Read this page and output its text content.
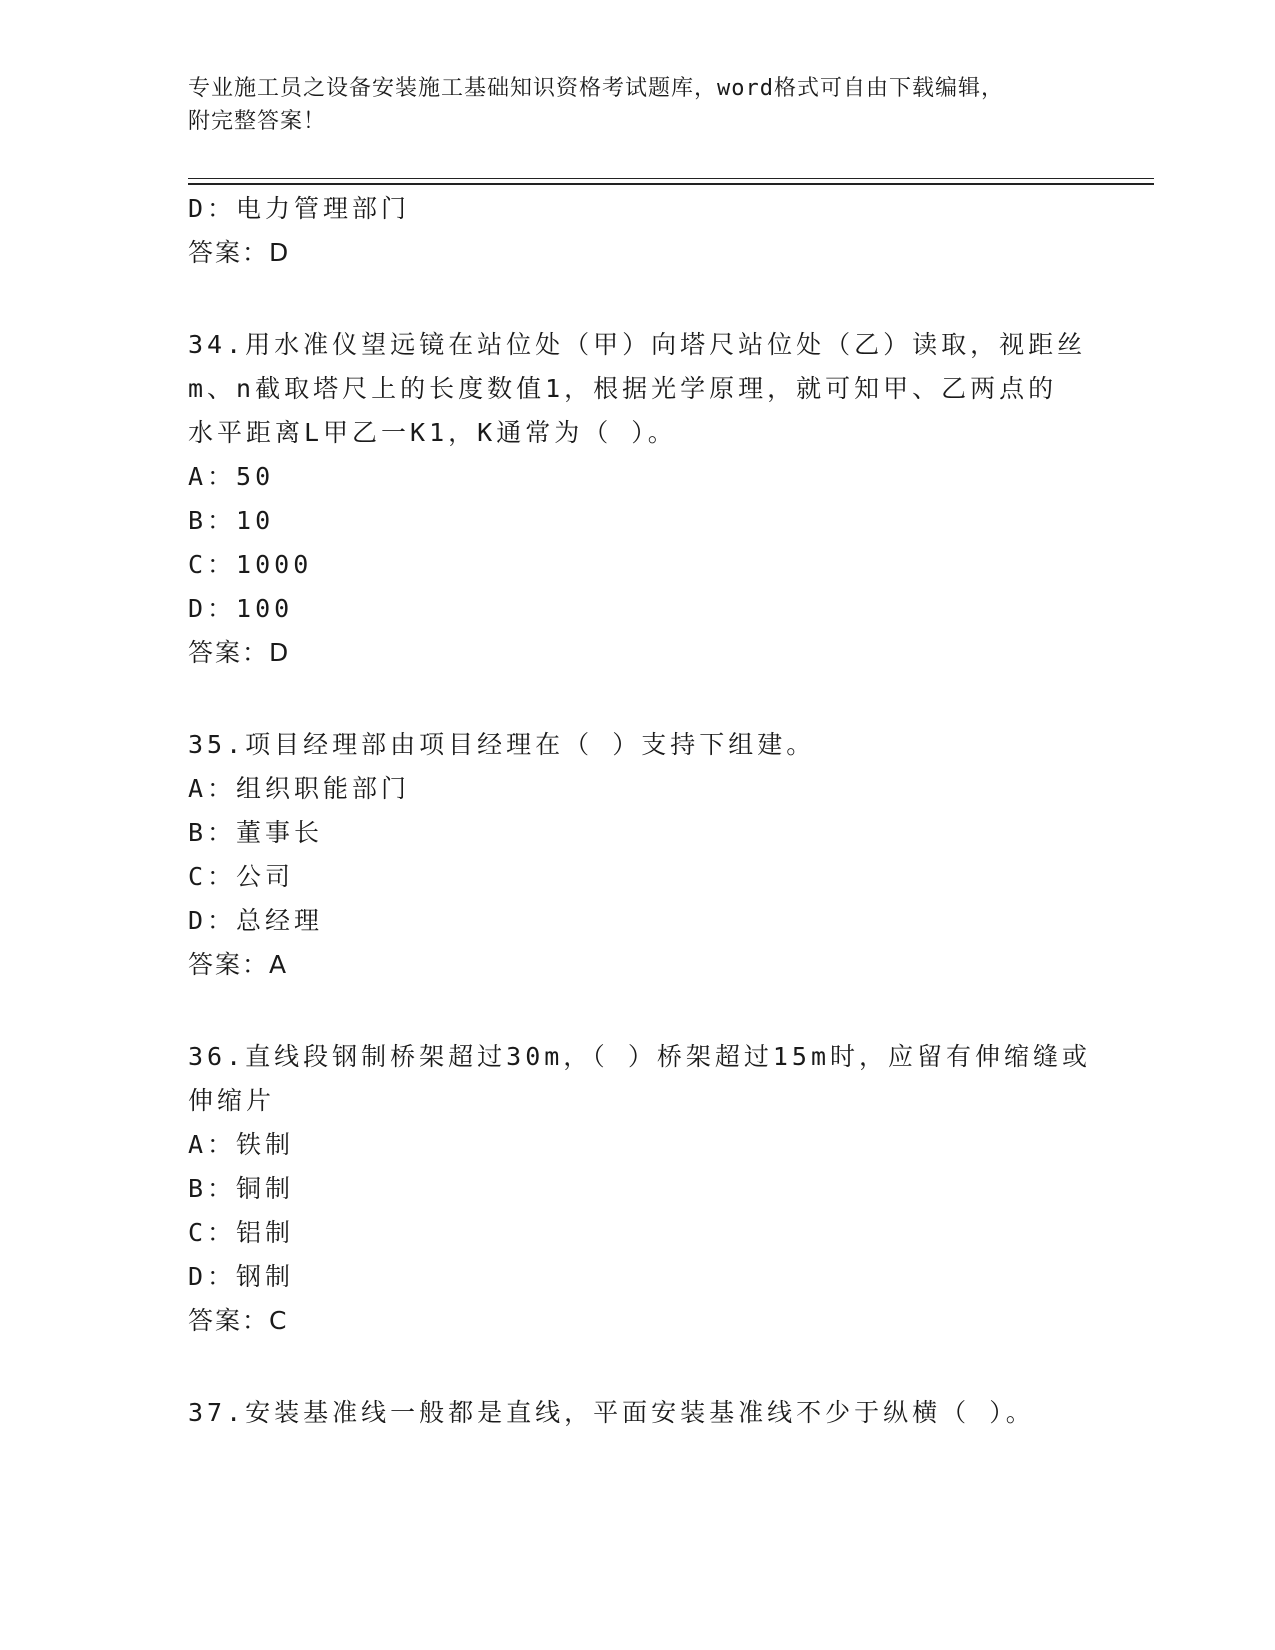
专业施工员之设备安装施工基础知识资格考试题库，word格式可自由下载编辑，
附完整答案！
D：电力管理部门
答案：D
34.用水准仪望远镜在站位处（甲）向塔尺站位处（乙）读取，视距丝
m、n截取塔尺上的长度数值1，根据光学原理，就可知甲、乙两点的
水平距离L甲乙一K1，K通常为（ ）。
A：50
B：10
C：1000
D：100
答案：D
35.项目经理部由项目经理在（ ）支持下组建。
A：组织职能部门
B：董事长
C：公司
D：总经理
答案：A
36.直线段钢制桥架超过30m，（ ）桥架超过15m时，应留有伸缩缝或
伸缩片
A：铁制
B：铜制
C：铝制
D：钢制
答案：C
37.安装基准线一般都是直线，平面安装基准线不少于纵横（ ）。
